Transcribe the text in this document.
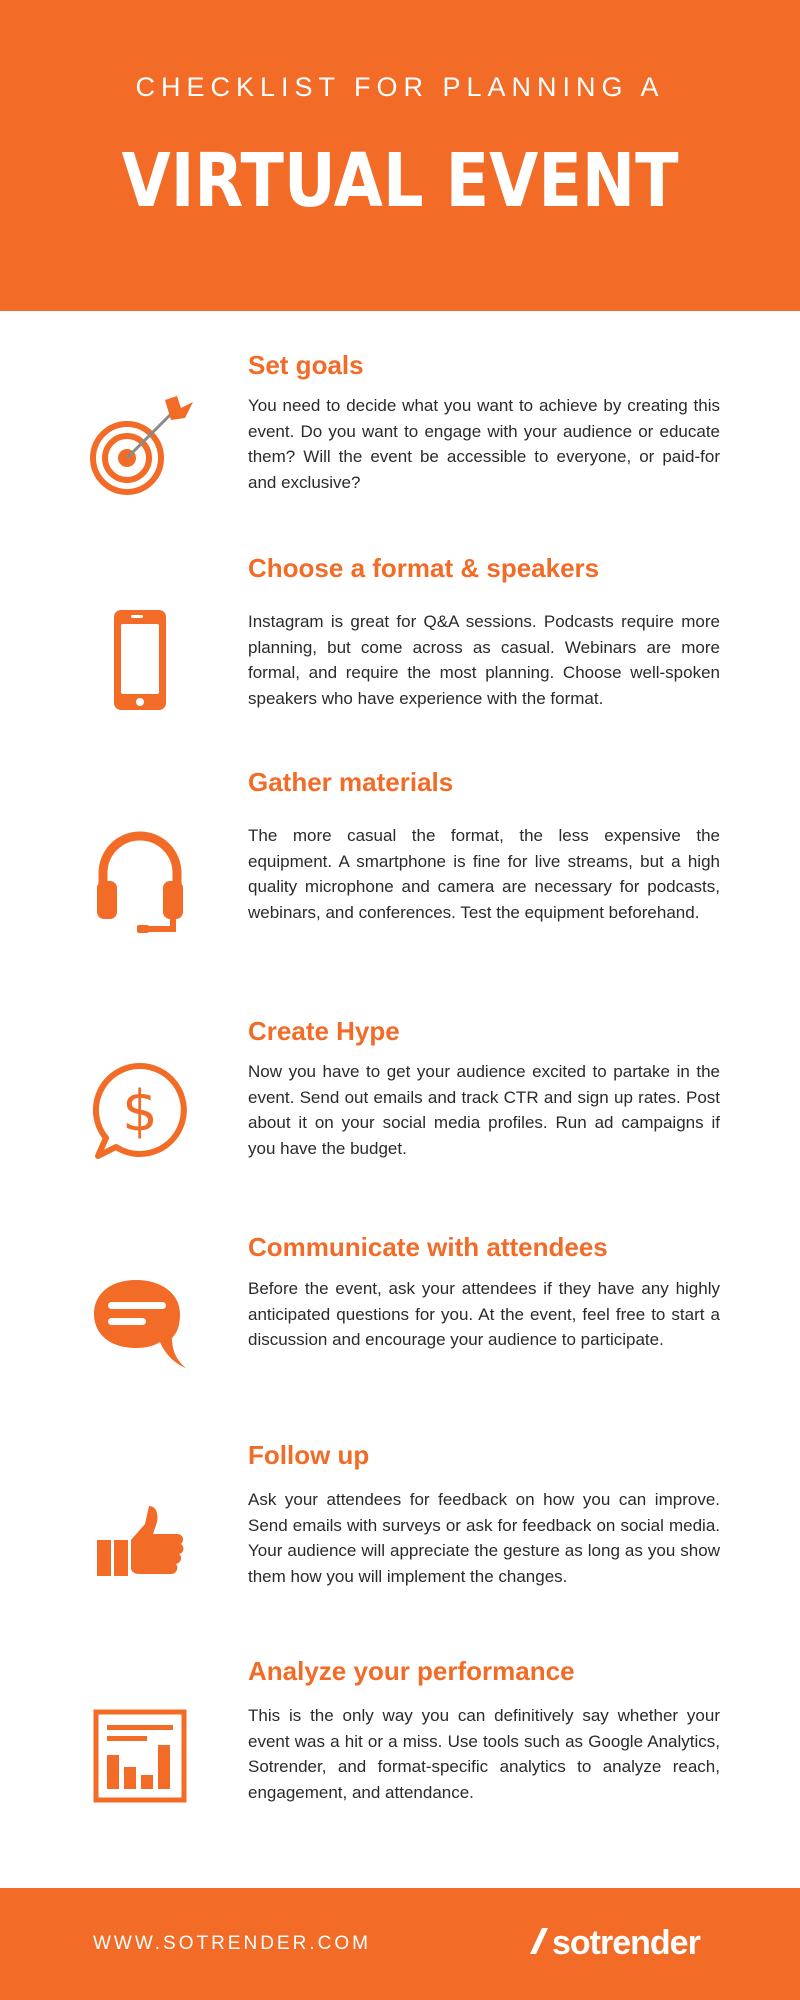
CHECKLIST FOR PLANNING A
VIRTUAL EVENT
Set goals
You need to decide what you want to achieve by creating this event. Do you want to engage with your audience or educate them? Will the event be accessible to everyone, or paid-for and exclusive?
Choose a format & speakers
Instagram is great for Q&A sessions. Podcasts require more planning, but come across as casual. Webinars are more formal, and require the most planning. Choose well-spoken speakers who have experience with the format.
Gather materials
The more casual the format, the less expensive the equipment. A smartphone is fine for live streams, but a high quality microphone and camera are necessary for podcasts, webinars, and conferences. Test the equipment beforehand.
$
Create Hype
Now you have to get your audience excited to partake in the event. Send out emails and track CTR and sign up rates. Post about it on your social media profiles. Run ad campaigns if you have the budget.
Communicate with attendees
Before the event, ask your attendees if they have any highly anticipated questions for you. At the event, feel free to start a discussion and encourage your audience to participate.
Follow up
Ask your attendees for feedback on how you can improve. Send emails with surveys or ask for feedback on social media. Your audience will appreciate the gesture as long as you show them how you will implement the changes.
Analyze your performance
This is the only way you can definitively say whether your event was a hit or a miss. Use tools such as Google Analytics, Sotrender, and format-specific analytics to analyze reach, engagement, and attendance.
WWW.SOTRENDER.COM	sotrender
